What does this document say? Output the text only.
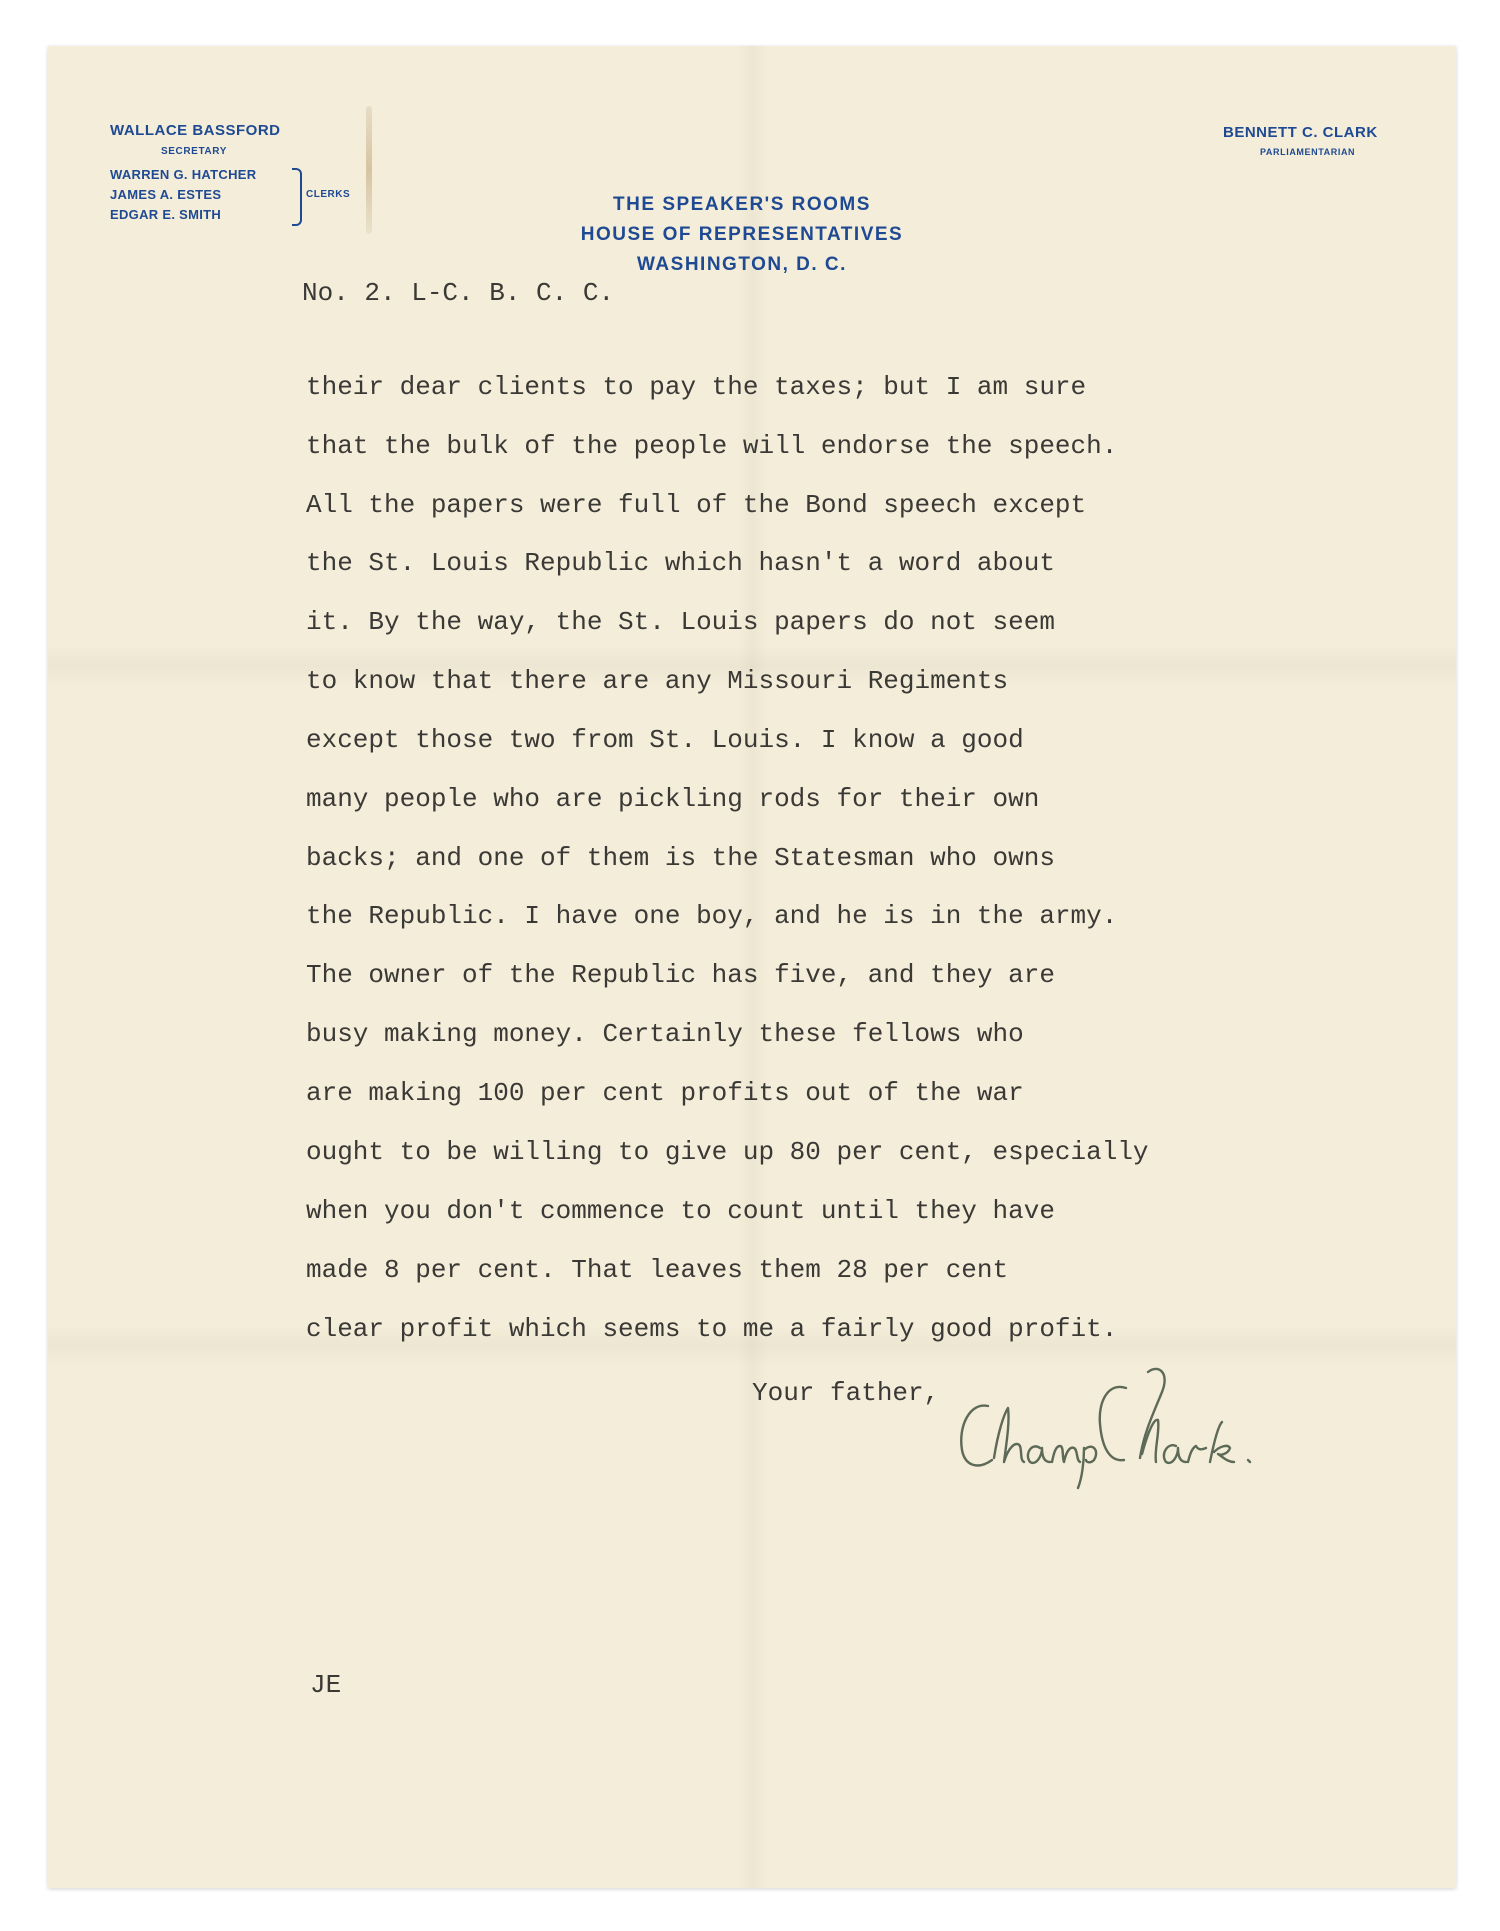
WALLACE BASSFORD

SECRETARY

WARREN G. HATCHER

JAMES A. ESTES

EDGAR E. SMITH

CLERKS	THE SPEAKER'S ROOMS

HOUSE OF REPRESENTATIVES

WASHINGTON, D. C.

BENNETT C. CLARK

PARLIAMENTARIAN

No. 2. L-C. B. C. C.

their dear clients to pay the taxes; but I am sure

that the bulk of the people will endorse the speech.

All the papers were full of the Bond speech except

the St. Louis Republic which hasn't a word about

it. By the way, the St. Louis papers do not seem

to know that there are any Missouri Regiments

except those two from St. Louis. I know a good

many people who are pickling rods for their own

backs; and one of them is the Statesman who owns

the Republic. I have one boy, and he is in the army.

The owner of the Republic has five, and they are

busy making money. Certainly these fellows who

are making 100 per cent profits out of the war

ought to be willing to give up 80 per cent, especially

when you don't commence to count until they have

made 8 per cent. That leaves them 28 per cent

clear profit which seems to me a fairly good profit.

Your father,

JE
